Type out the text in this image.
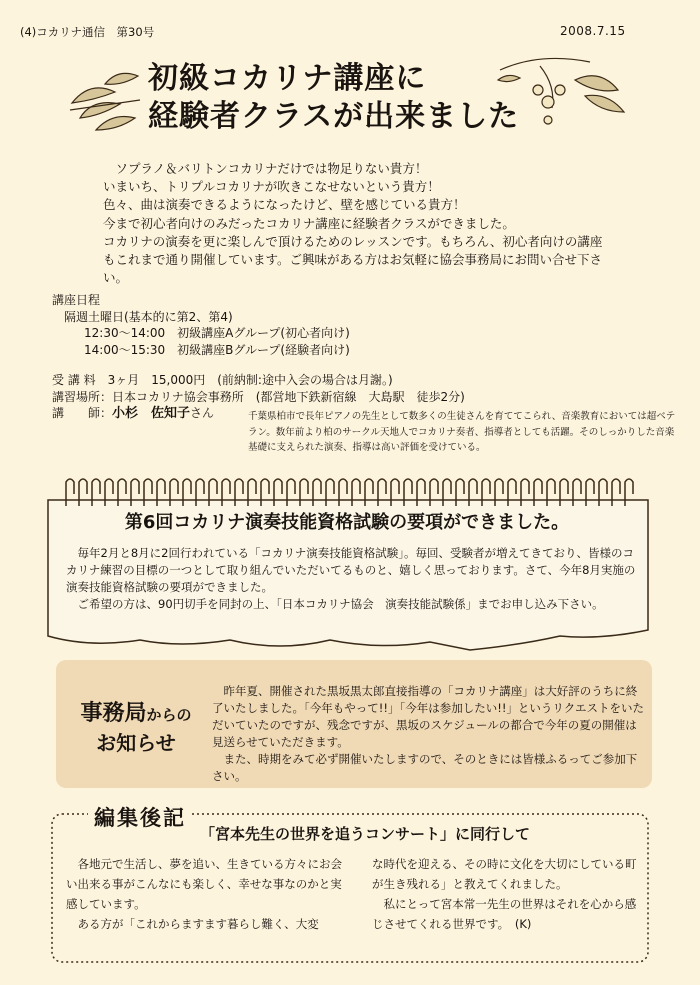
(4)コカリナ通信　第30号	2008.7.15
初級コカリナ講座に
経験者クラスが出来ました

　ソプラノ＆バリトンコカリナだけでは物足りない貴方！

いまいち、トリプルコカリナが吹きこなせないという貴方！

色々、曲は演奏できるようになったけど、壁を感じている貴方！

今まで初心者向けのみだったコカリナ講座に経験者クラスができました。

コカリナの演奏を更に楽しんで頂けるためのレッスンです。もちろん、初心者向けの講座もこれまで通り開催しています。ご興味がある方はお気軽に協会事務局にお問い合せ下さい。

講座日程
隔週土曜日(基本的に第2、第4)
12:30～14:00　初級講座Aグループ(初心者向け)
14:00～15:30　初級講座Bグループ(経験者向け)
受 講 料　3ヶ月　15,000円　(前納制:途中入会の場合は月謝。)
講習場所：日本コカリナ協会事務所　(都営地下鉄新宿線　大島駅　徒歩2分)
講　　師：小杉　佐知子さん	千葉県柏市で長年ピアノの先生として数多くの生徒さんを育ててこられ、音楽教育においては超ベテラン。数年前より柏のサークル天地人でコカリナ奏者、指導者としても活躍。そのしっかりした音楽基礎に支えられた演奏、指導は高い評価を受けている。
第6回コカリナ演奏技能資格試験の要項ができました。

　毎年2月と8月に2回行われている「コカリナ演奏技能資格試験」。毎回、受験者が増えてきており、皆様のコカリナ練習の目標の一つとして取り組んでいただいてるものと、嬉しく思っております。さて、今年8月実施の演奏技能資格試験の要項ができました。

　ご希望の方は、90円切手を同封の上、「日本コカリナ協会　演奏技能試験係」までお申し込み下さい。

事務局からの
お知らせ

　昨年夏、開催された黒坂黒太郎直接指導の「コカリナ講座」は大好評のうちに終了いたしました。「今年もやって!!」「今年は参加したい!!」というリクエストをいただいていたのですが、残念ですが、黒坂のスケジュールの都合で今年の夏の開催は見送らせていただきます。

　また、時期をみて必ず開催いたしますので、そのときには皆様ふるってご参加下さい。

編集後記
「宮本先生の世界を追うコンサート」に同行して

　各地元で生活し、夢を追い、生きている方々にお会い出来る事がこんなにも楽しく、幸せな事なのかと実感しています。

　ある方が「これからますます暮らし難く、大変

な時代を迎える、その時に文化を大切にしている町が生き残れる」と教えてくれました。

　私にとって宮本常一先生の世界はそれを心から感じさせてくれる世界です。　(K)
